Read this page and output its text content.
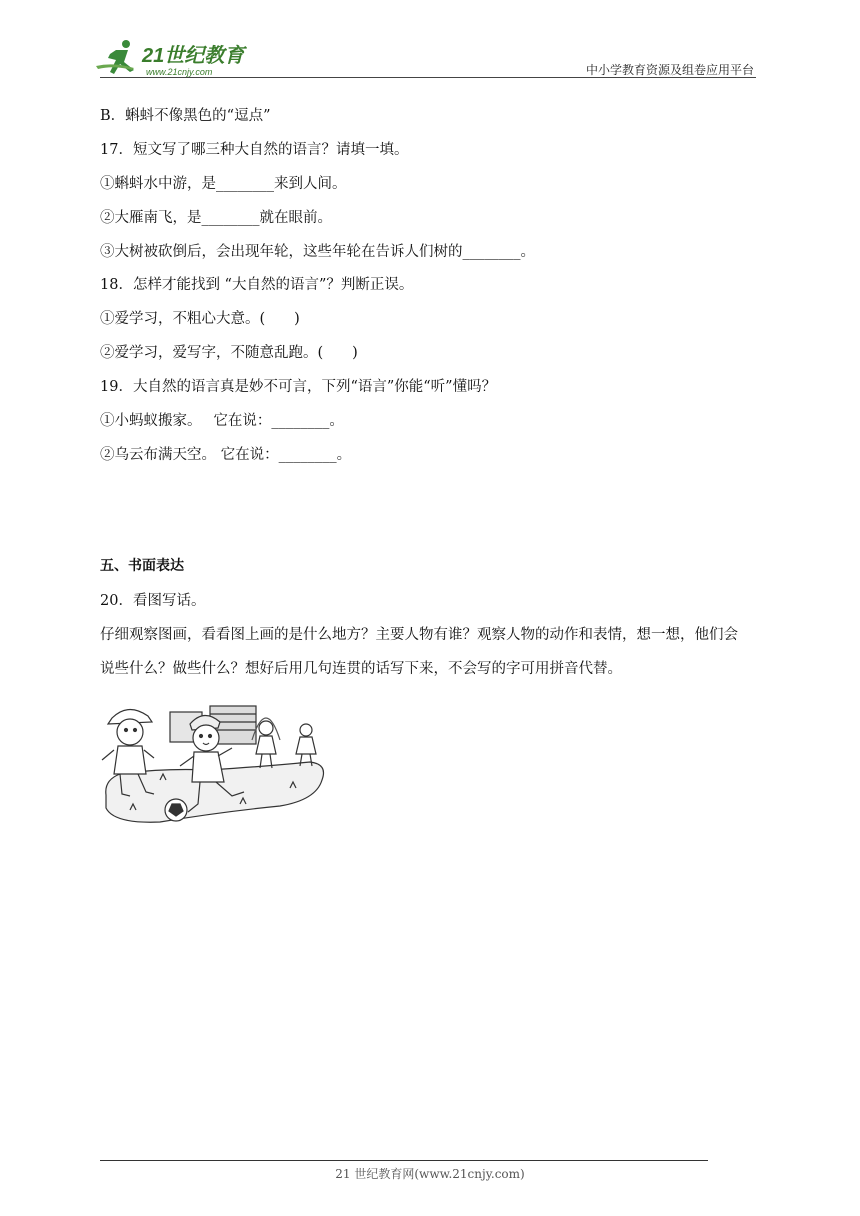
21世纪教育
www.21cnjy.com	中小学教育资源及组卷应用平台
B．蝌蚪不像黑色的“逗点”
17．短文写了哪三种大自然的语言？请填一填。
①蝌蚪水中游，是________来到人间。
②大雁南飞，是________就在眼前。
③大树被砍倒后，会出现年轮，这些年轮在告诉人们树的________。
18．怎样才能找到 “大自然的语言”？判断正误。
①爱学习，不粗心大意。(　　)
②爱学习，爱写字，不随意乱跑。(　　)
19．大自然的语言真是妙不可言，下列“语言”你能“听”懂吗？
①小蚂蚁搬家。　 它在说：________。
②乌云布满天空。 它在说：________。
五、书面表达
20．看图写话。
仔细观察图画，看看图上画的是什么地方？主要人物有谁？观察人物的动作和表情，想一想，他们会
说些什么？做些什么？想好后用几句连贯的话写下来，不会写的字可用拼音代替。
21 世纪教育网(www.21cnjy.com)
